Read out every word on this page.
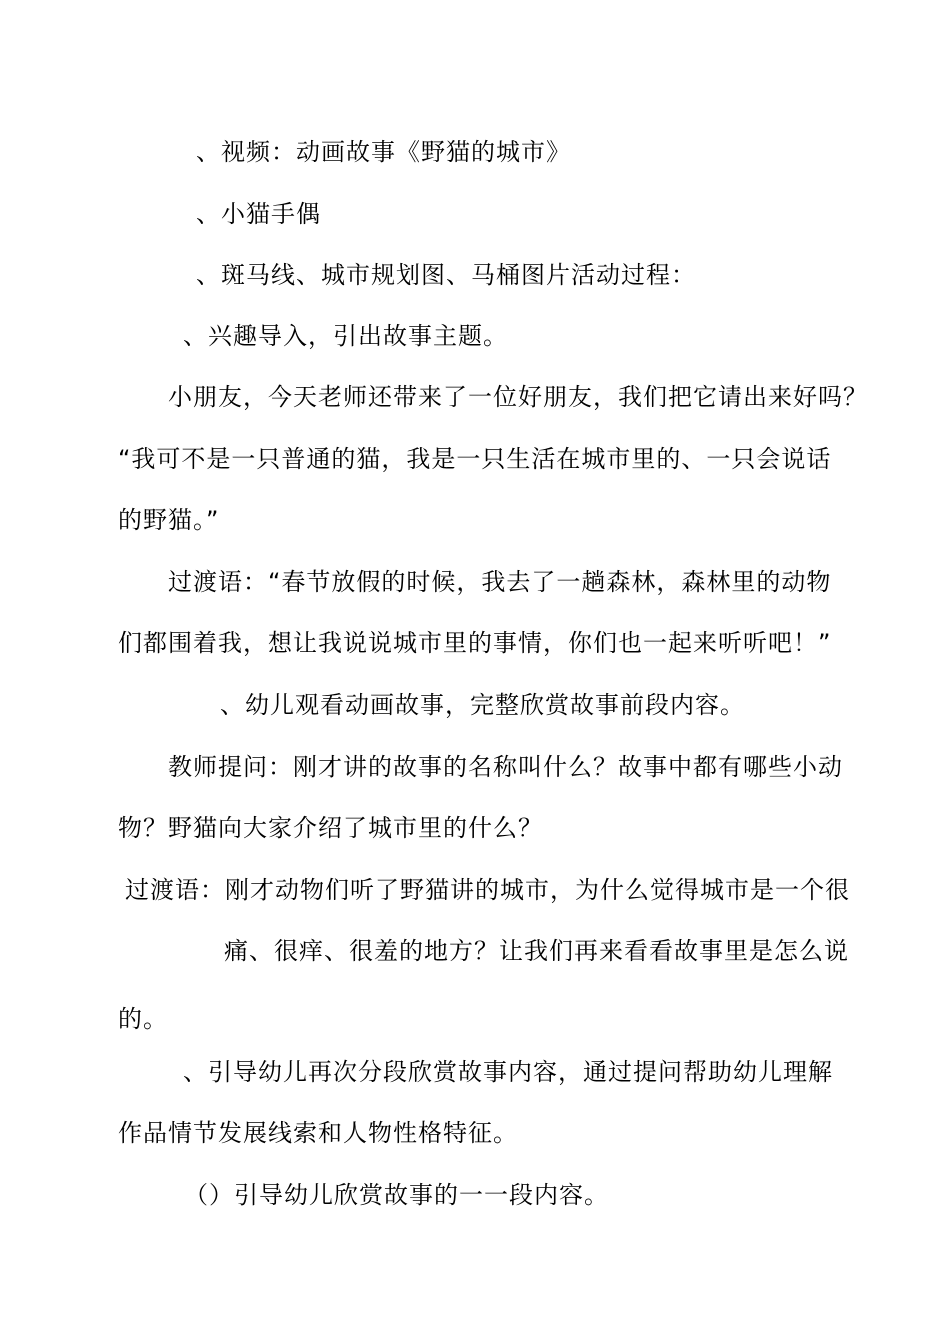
、视频：动画故事《野猫的城市》
、小猫手偶
、斑马线、城市规划图、马桶图片活动过程：
、兴趣导入，引出故事主题。
小朋友，今天老师还带来了一位好朋友，我们把它请出来好吗？
“我可不是一只普通的猫，我是一只生活在城市里的、一只会说话
的野猫。”
过渡语：“春节放假的时候，我去了一趟森林，森林里的动物
们都围着我，想让我说说城市里的事情，你们也一起来听听吧！”
、幼儿观看动画故事，完整欣赏故事前段内容。
教师提问：刚才讲的故事的名称叫什么？故事中都有哪些小动
物？野猫向大家介绍了城市里的什么？
过渡语：刚才动物们听了野猫讲的城市，为什么觉得城市是一个很
痛、很痒、很羞的地方？让我们再来看看故事里是怎么说
的。
、引导幼儿再次分段欣赏故事内容，通过提问帮助幼儿理解
作品情节发展线索和人物性格特征。
（）引导幼儿欣赏故事的一一段内容。
